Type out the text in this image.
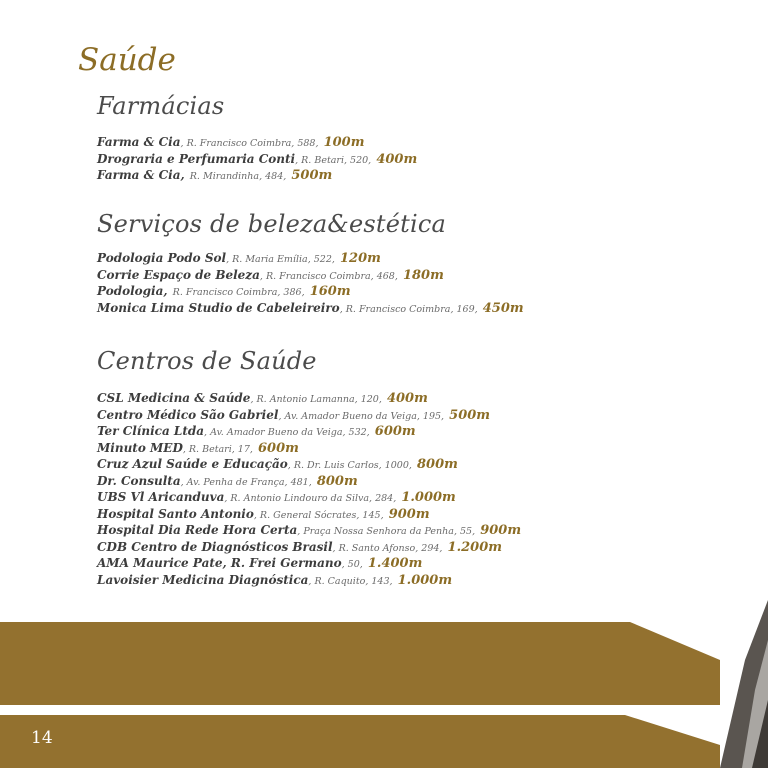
Saúde
Farmácias
Farma & Cia, R. Francisco Coimbra, 588, 100m
Drograria e Perfumaria Conti, R. Betari, 520, 400m
Farma & Cia, R. Mirandinha, 484, 500m
Serviços de beleza&estética
Podologia Podo Sol, R. Maria Emília, 522, 120m
Corrie Espaço de Beleza, R. Francisco Coimbra, 468, 180m
Podologia, R. Francisco Coimbra, 386, 160m
Monica Lima Studio de Cabeleireiro, R. Francisco Coimbra, 169, 450m
Centros de Saúde
CSL Medicina & Saúde, R. Antonio Lamanna, 120, 400m
Centro Médico São Gabriel, Av. Amador Bueno da Veiga, 195, 500m
Ter Clínica Ltda, Av. Amador Bueno da Veiga, 532, 600m
Minuto MED, R. Betari, 17, 600m
Cruz Azul Saúde e Educação, R. Dr. Luis Carlos, 1000, 800m
Dr. Consulta, Av. Penha de França, 481, 800m
UBS Vl Aricanduva, R. Antonio Lindouro da Silva, 284, 1.000m
Hospital Santo Antonio, R. General Sócrates, 145, 900m
Hospital Dia Rede Hora Certa, Praça Nossa Senhora da Penha, 55, 900m
CDB Centro de Diagnósticos Brasil, R. Santo Afonso, 294, 1.200m
AMA Maurice Pate, R. Frei Germano, 50, 1.400m
Lavoisier Medicina Diagnóstica, R. Caquito, 143, 1.000m
14
